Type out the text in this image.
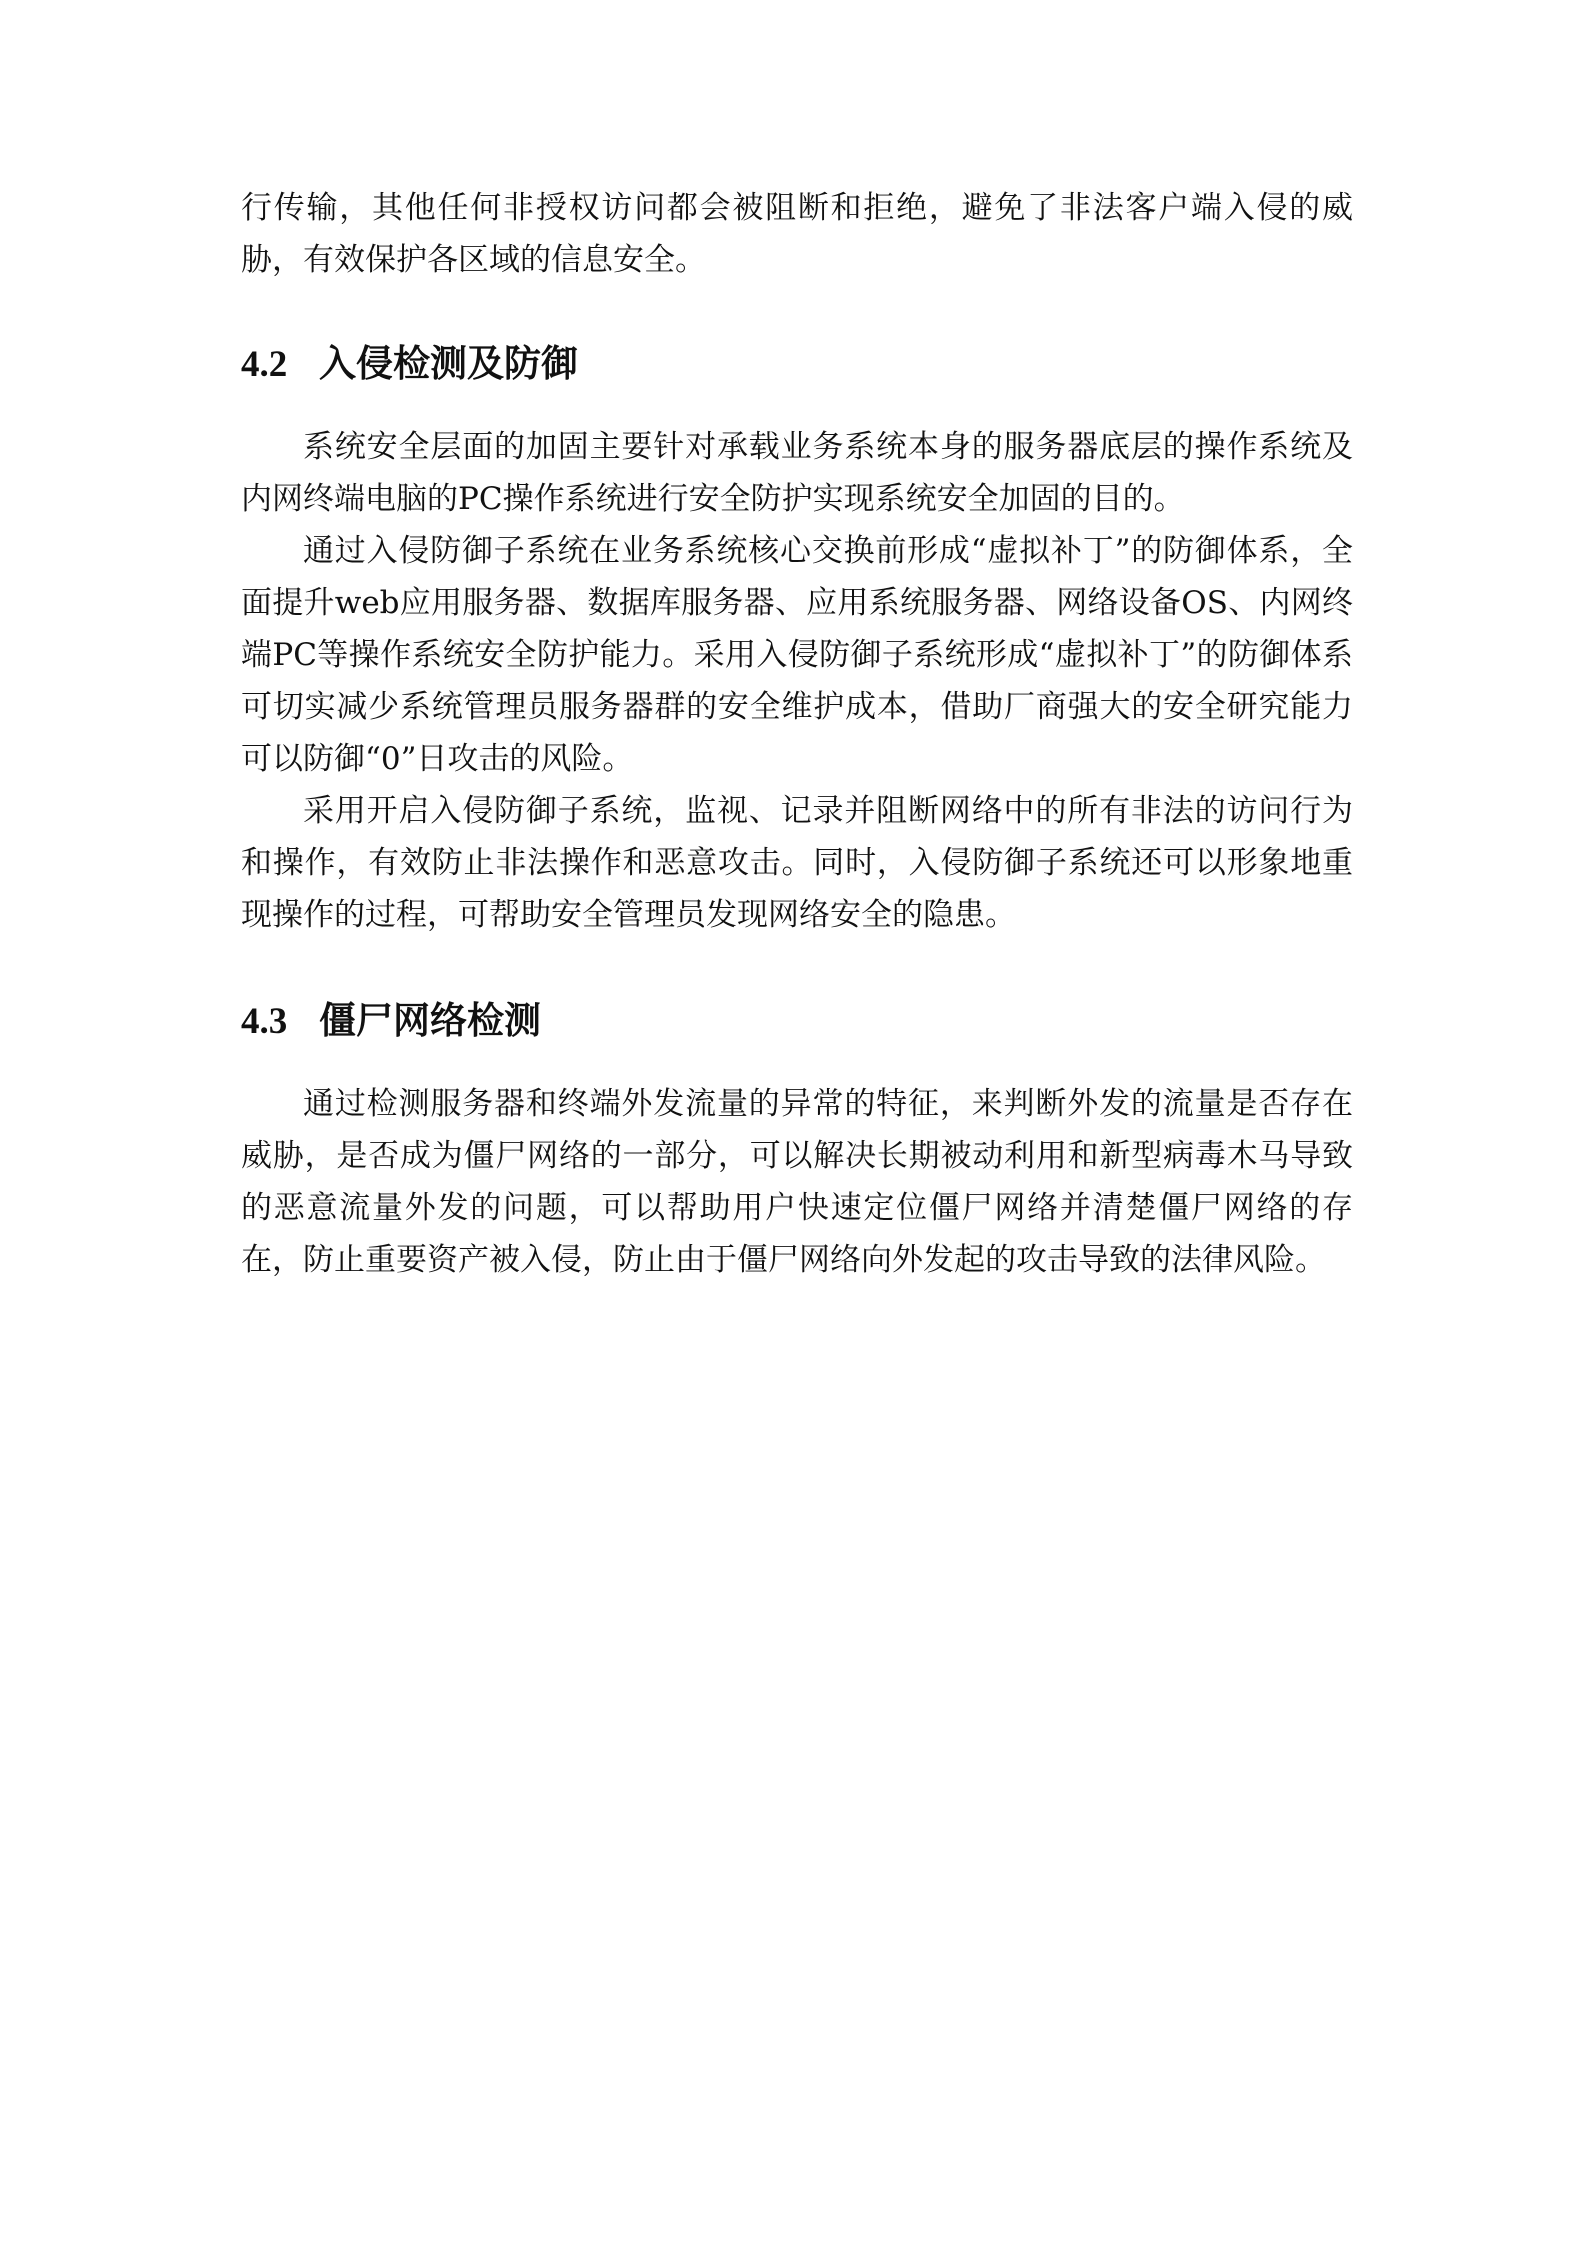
行传输，其他任何非授权访问都会被阻断和拒绝，避免了非法客户端入侵的威胁，有效保护各区域的信息安全。

4.2 入侵检测及防御

系统安全层面的加固主要针对承载业务系统本身的服务器底层的操作系统及内网终端电脑的PC操作系统进行安全防护实现系统安全加固的目的。

通过入侵防御子系统在业务系统核心交换前形成“虚拟补丁”的防御体系，全面提升web应用服务器、数据库服务器、应用系统服务器、网络设备OS、内网终端PC等操作系统安全防护能力。采用入侵防御子系统形成“虚拟补丁”的防御体系可切实减少系统管理员服务器群的安全维护成本，借助厂商强大的安全研究能力可以防御“0”日攻击的风险。

采用开启入侵防御子系统，监视、记录并阻断网络中的所有非法的访问行为和操作，有效防止非法操作和恶意攻击。同时，入侵防御子系统还可以形象地重现操作的过程，可帮助安全管理员发现网络安全的隐患。

4.3 僵尸网络检测

通过检测服务器和终端外发流量的异常的特征，来判断外发的流量是否存在威胁，是否成为僵尸网络的一部分，可以解决长期被动利用和新型病毒木马导致的恶意流量外发的问题，可以帮助用户快速定位僵尸网络并清楚僵尸网络的存在，防止重要资产被入侵，防止由于僵尸网络向外发起的攻击导致的法律风险。
